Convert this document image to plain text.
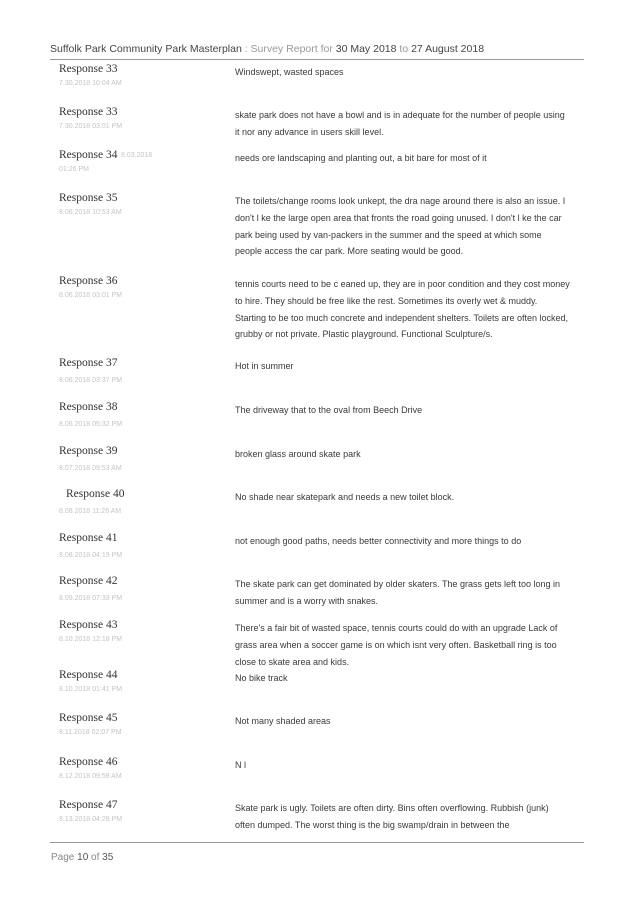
Suffolk Park Community Park Masterplan : Survey Report for 30 May 2018 to 27 August 2018
Response 33
7.30.2018 10:04 AM
Windswept, wasted spaces
Response 33
7.30.2018 03:01 PM
skate park does not have a bowl and is in adequate for the number of people using it nor any advance in users skill level.
Response 34 8.03.2018
01:26 PM
needs ore landscaping and planting out, a bit bare for most of it
Response 35
8.06.2018 10:53 AM
The toilets/change rooms look unkept, the dra nage around there is also an issue. I don't l ke the large open area that fronts the road going unused. I don't l ke the car park being used by van-packers in the summer and the speed at which some people access the car park. More seating would be good.
Response 36
8.06.2018 03:01 PM
tennis courts need to be c eaned up, they are in poor condition and they cost money to hire. They should be free like the rest. Sometimes its overly wet & muddy. Starting to be too much concrete and independent shelters. Toilets are often locked, grubby or not private. Plastic playground. Functional Sculpture/s.
Response 37
8.06.2018 03:37 PM
Hot in summer
Response 38
8.06.2018 05:32 PM
The driveway that to the oval from Beech Drive
Response 39
8.07.2018 09:53 AM
broken glass around skate park
Response 40
8.08.2018 11:26 AM
No shade near skatepark and needs a new toilet block.
Response 41
8.08.2018 04:19 PM
not enough good paths, needs better connectivity and more things to do
Response 42
8.09.2018 07:33 PM
The skate park can get dominated by older skaters. The grass gets left too long in summer and is a worry with snakes.
Response 43
8.10.2018 12:18 PM
There's a fair bit of wasted space, tennis courts could do with an upgrade Lack of grass area when a soccer game is on which isnt very often. Basketball ring is too close to skate area and kids.
Response 44
8.10.2018 01:41 PM
No bike track
Response 45
8.11.2018 02:07 PM
Not many shaded areas
Response 46
8.12.2018 09:58 AM
N l
Response 47
8.13.2018 04:28 PM
Skate park is ugly. Toilets are often dirty. Bins often overflowing. Rubbish (junk) often dumped. The worst thing is the big swamp/drain in between the
Page 10 of 35
